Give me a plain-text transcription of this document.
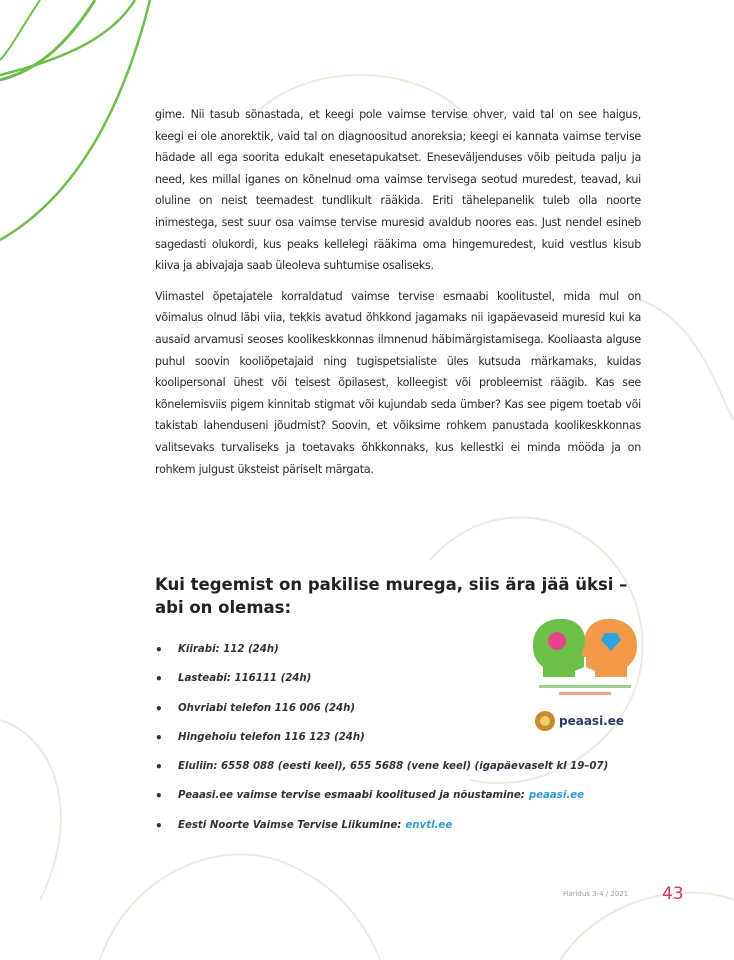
gime. Nii tasub sõnastada, et keegi pole vaimse tervise ohver, vaid tal on see haigus, keegi ei ole anorektik, vaid tal on diagnoositud anoreksia; keegi ei kannata vaimse tervise hädade all ega soorita edukalt enesetapukatset. Eneseväljenduses võib peituda palju ja need, kes millal iganes on kõnelnud oma vaimse tervisega seotud muredest, teavad, kui oluline on neist teemadest tundlikult rääkida. Eriti tähelepanelik tuleb olla noorte inimestega, sest suur osa vaimse tervise muresid avaldub noores eas. Just nendel esineb sagedasti olukordi, kus peaks kellelegi rääkima oma hingemuredest, kuid vestlus kisub kiiva ja abivajaja saab üleoleva suhtumise osaliseks.

Viimastel õpetajatele korraldatud vaimse tervise esmaabi koolitustel, mida mul on võimalus olnud läbi viia, tekkis avatud õhkkond jagamaks nii igapäevaseid muresid kui ka ausaid arvamusi seoses koolikeskkonnas ilmnenud häbimärgistamisega. Kooliaasta alguse puhul soovin kooliõpetajaid ning tugispetsialiste üles kutsuda märkamaks, kuidas koolipersonal ühest või teisest õpilasest, kolleegist või probleemist räägib. Kas see kõnelemisviis pigem kinnitab stigmat või kujundab seda ümber? Kas see pigem toetab või takistab lahenduseni jõudmist? Soovin, et võiksime rohkem panustada koolikeskkonnas valitsevaks turvaliseks ja toetavaks õhkkonnaks, kus kellestki ei minda mööda ja on rohkem julgust üksteist päriselt märgata.

Kui tegemist on pakilise murega, siis ära jää üksi – abi on olemas:
•	Kiirabi: 112 (24h)
•	Lasteabi: 116111 (24h)
•	Ohvriabi telefon 116 006 (24h)
•	Hingehoiu telefon 116 123 (24h)
•	Eluliin: 6558 088 (eesti keel), 655 5688 (vene keel) (igapäevaselt kl 19–07)
•	Peaasi.ee vaimse tervise esmaabi koolitused ja nõustamine: peaasi.ee
•	Eesti Noorte Vaimse Tervise Liikumine: envtl.ee
peaasi.ee
Haridus 3-4 / 2021 43
